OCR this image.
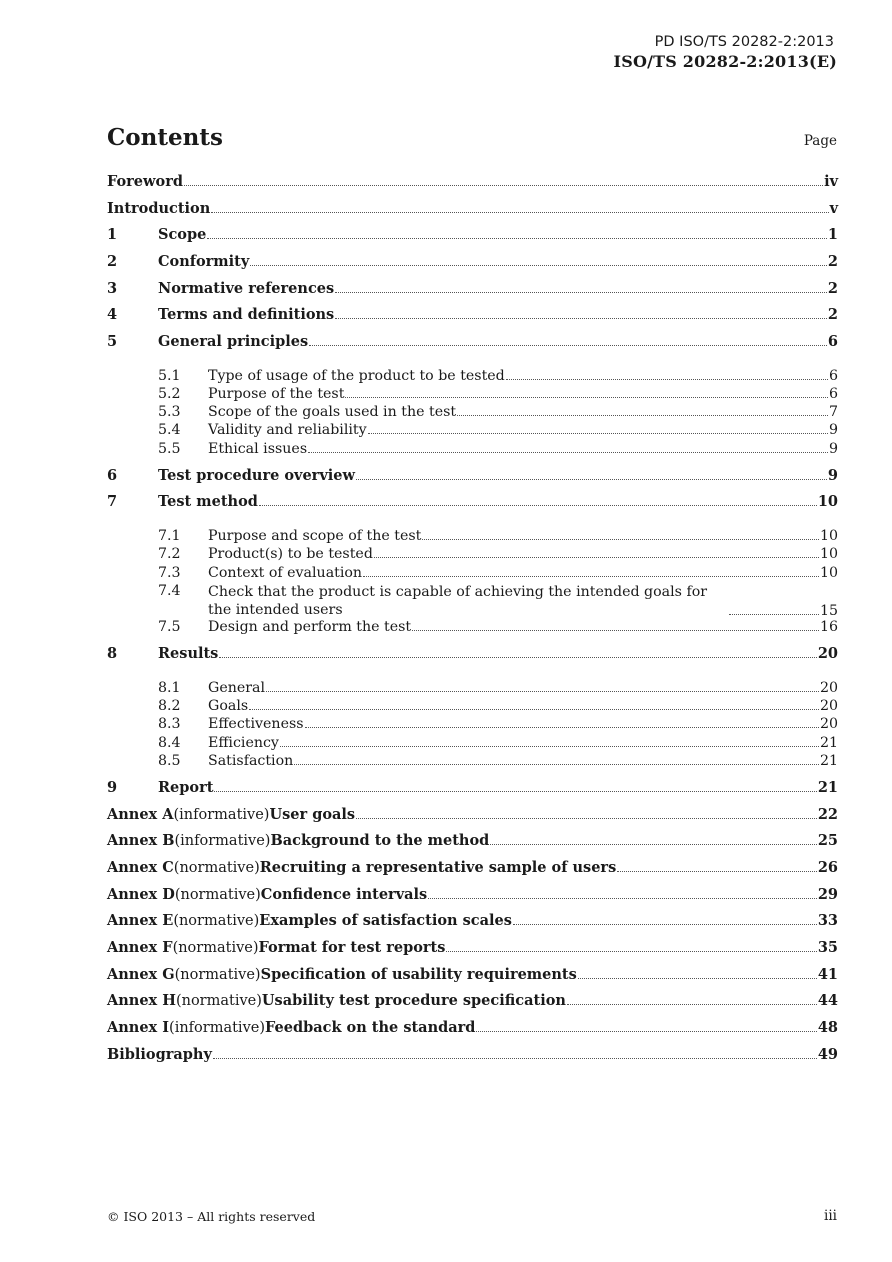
PD ISO/TS 20282-2:2013
ISO/TS 20282-2:2013(E)
Contents	Page
Foreword	iv
Introduction	v
1	Scope	1
2	Conformity	2
3	Normative references	2
4	Terms and definitions	2
5	General principles	6
5.1	Type of usage of the product to be tested	6
5.2	Purpose of the test	6
5.3	Scope of the goals used in the test	7
5.4	Validity and reliability	9
5.5	Ethical issues	9
6	Test procedure overview	9
7	Test method	10
7.1	Purpose and scope of the test	10
7.2	Product(s) to be tested	10
7.3	Context of evaluation	10
7.4	Check that the product is capable of achieving the intended goals for the intended users	15
7.5	Design and perform the test	16
8	Results	20
8.1	General	20
8.2	Goals	20
8.3	Effectiveness	20
8.4	Efficiency	21
8.5	Satisfaction	21
9	Report	21
Annex A (informative) User goals	22
Annex B (informative) Background to the method	25
Annex C (normative) Recruiting a representative sample of users	26
Annex D (normative) Confidence intervals	29
Annex E (normative) Examples of satisfaction scales	33
Annex F (normative) Format for test reports	35
Annex G (normative) Specification of usability requirements	41
Annex H (normative) Usability test procedure specification	44
Annex I (informative) Feedback on the standard	48
Bibliography	49
© ISO 2013 – All rights reserved	iii
